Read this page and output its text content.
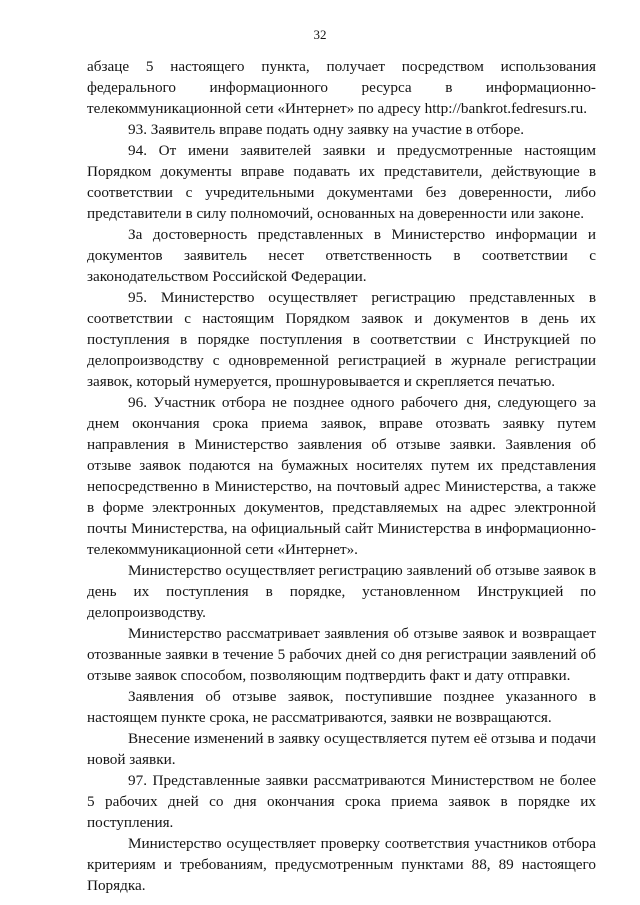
32

абзаце 5 настоящего пункта, получает посредством использования федерального информационного ресурса в информационно-телекоммуникационной сети «Интернет» по адресу http://bankrot.fedresurs.ru.

93. Заявитель вправе подать одну заявку на участие в отборе.

94. От имени заявителей заявки и предусмотренные настоящим Порядком документы вправе подавать их представители, действующие в соответствии с учредительными документами без доверенности, либо представители в силу полномочий, основанных на доверенности или законе.

За достоверность представленных в Министерство информации и документов заявитель несет ответственность в соответствии с законодательством Российской Федерации.

95. Министерство осуществляет регистрацию представленных в соответствии с настоящим Порядком заявок и документов в день их поступления в порядке поступления в соответствии с Инструкцией по делопроизводству с одновременной регистрацией в журнале регистрации заявок, который нумеруется, прошнуровывается и скрепляется печатью.

96. Участник отбора не позднее одного рабочего дня, следующего за днем окончания срока приема заявок, вправе отозвать заявку путем направления в Министерство заявления об отзыве заявки. Заявления об отзыве заявок подаются на бумажных носителях путем их представления непосредственно в Министерство, на почтовый адрес Министерства, а также в форме электронных документов, представляемых на адрес электронной почты Министерства, на официальный сайт Министерства в информационно-телекоммуникационной сети «Интернет».

Министерство осуществляет регистрацию заявлений об отзыве заявок в день их поступления в порядке, установленном Инструкцией по делопроизводству.

Министерство рассматривает заявления об отзыве заявок и возвращает отозванные заявки в течение 5 рабочих дней со дня регистрации заявлений об отзыве заявок способом, позволяющим подтвердить факт и дату отправки.

Заявления об отзыве заявок, поступившие позднее указанного в настоящем пункте срока, не рассматриваются, заявки не возвращаются.

Внесение изменений в заявку осуществляется путем её отзыва и подачи новой заявки.

97. Представленные заявки рассматриваются Министерством не более 5 рабочих дней со дня окончания срока приема заявок в порядке их поступления.

Министерство осуществляет проверку соответствия участников отбора критериям и требованиям, предусмотренным пунктами 88, 89 настоящего Порядка.
